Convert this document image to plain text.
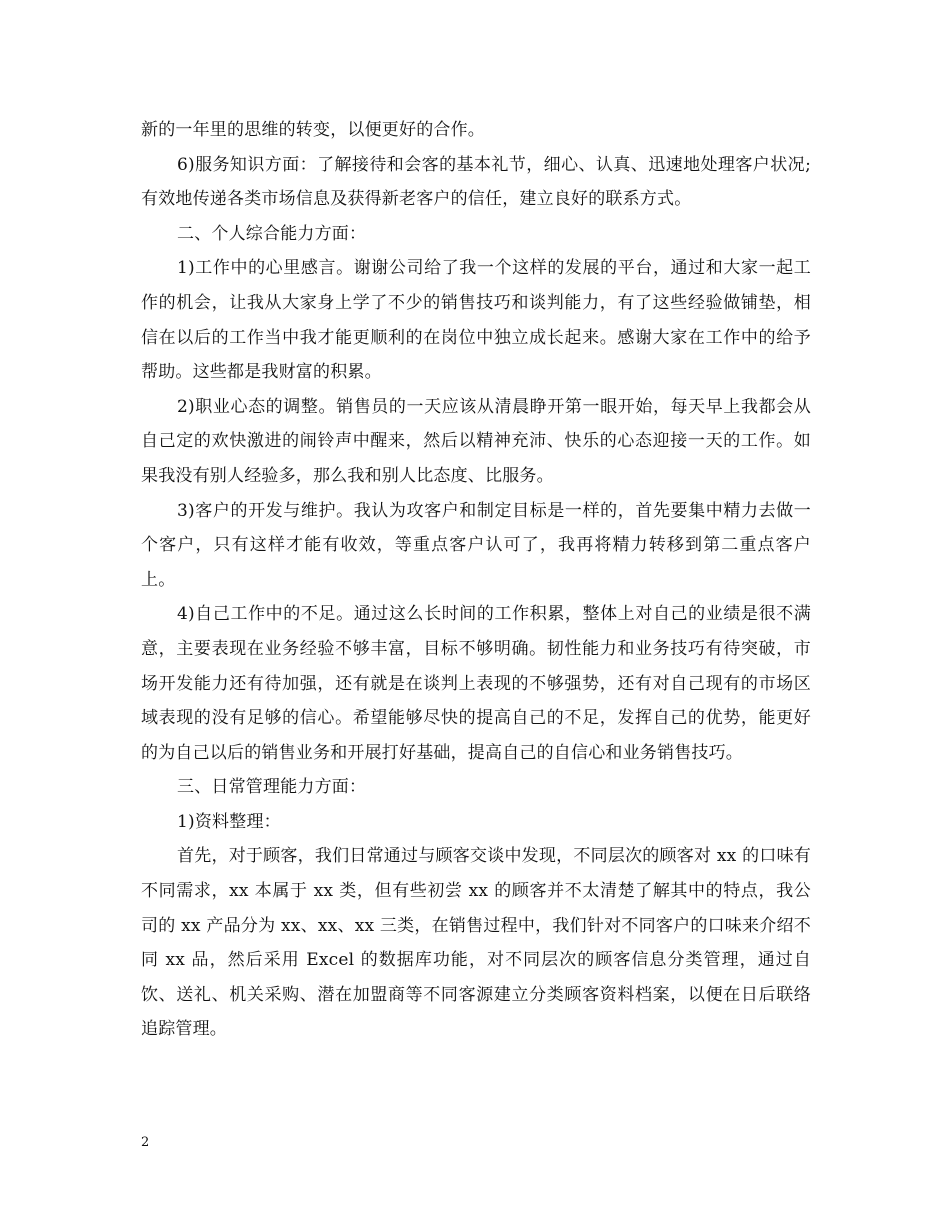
新的一年里的思维的转变，以便更好的合作。

6)服务知识方面：了解接待和会客的基本礼节，细心、认真、迅速地处理客户状况;有效地传递各类市场信息及获得新老客户的信任，建立良好的联系方式。

二、个人综合能力方面：

1)工作中的心里感言。谢谢公司给了我一个这样的发展的平台，通过和大家一起工作的机会，让我从大家身上学了不少的销售技巧和谈判能力，有了这些经验做铺垫，相信在以后的工作当中我才能更顺利的在岗位中独立成长起来。感谢大家在工作中的给予帮助。这些都是我财富的积累。

2)职业心态的调整。销售员的一天应该从清晨睁开第一眼开始，每天早上我都会从自己定的欢快激进的闹铃声中醒来，然后以精神充沛、快乐的心态迎接一天的工作。如果我没有别人经验多，那么我和别人比态度、比服务。

3)客户的开发与维护。我认为攻客户和制定目标是一样的，首先要集中精力去做一个客户，只有这样才能有收效，等重点客户认可了，我再将精力转移到第二重点客户上。

4)自己工作中的不足。通过这么长时间的工作积累，整体上对自己的业绩是很不满意，主要表现在业务经验不够丰富，目标不够明确。韧性能力和业务技巧有待突破，市场开发能力还有待加强，还有就是在谈判上表现的不够强势，还有对自己现有的市场区域表现的没有足够的信心。希望能够尽快的提高自己的不足，发挥自己的优势，能更好的为自己以后的销售业务和开展打好基础，提高自己的自信心和业务销售技巧。

三、日常管理能力方面：

1)资料整理：

首先，对于顾客，我们日常通过与顾客交谈中发现，不同层次的顾客对 xx 的口味有不同需求，xx 本属于 xx 类，但有些初尝 xx 的顾客并不太清楚了解其中的特点，我公司的 xx 产品分为 xx、xx、xx 三类，在销售过程中，我们针对不同客户的口味来介绍不同 xx 品，然后采用 Excel 的数据库功能，对不同层次的顾客信息分类管理，通过自饮、送礼、机关采购、潜在加盟商等不同客源建立分类顾客资料档案，以便在日后联络追踪管理。

2
